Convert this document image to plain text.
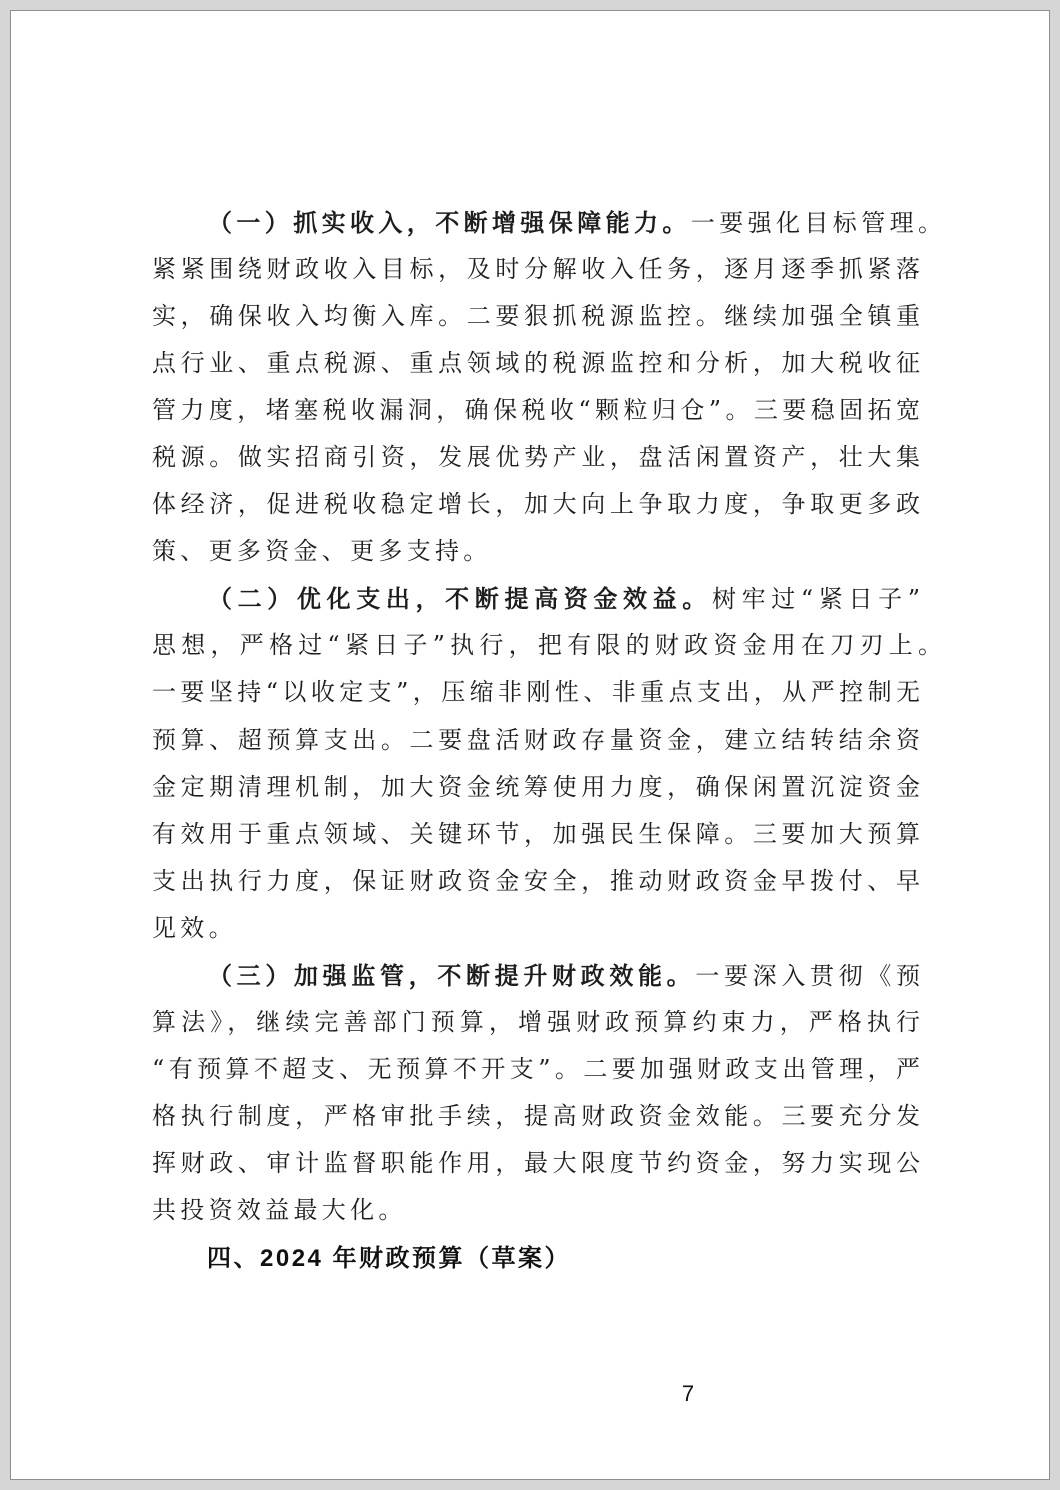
（一）抓实收入，不断增强保障能力。一要强化目标管理。
紧紧围绕财政收入目标，及时分解收入任务，逐月逐季抓紧落
实，确保收入均衡入库。二要狠抓税源监控。继续加强全镇重
点行业、重点税源、重点领域的税源监控和分析，加大税收征
管力度，堵塞税收漏洞，确保税收“颗粒归仓”。三要稳固拓宽
税源。做实招商引资，发展优势产业，盘活闲置资产，壮大集
体经济，促进税收稳定增长，加大向上争取力度，争取更多政
策、更多资金、更多支持。
（二）优化支出，不断提高资金效益。树牢过“紧日子”
思想，严格过“紧日子”执行，把有限的财政资金用在刀刃上。
一要坚持“以收定支”，压缩非刚性、非重点支出，从严控制无
预算、超预算支出。二要盘活财政存量资金，建立结转结余资
金定期清理机制，加大资金统筹使用力度，确保闲置沉淀资金
有效用于重点领域、关键环节，加强民生保障。三要加大预算
支出执行力度，保证财政资金安全，推动财政资金早拨付、早
见效。
（三）加强监管，不断提升财政效能。一要深入贯彻《预
算法》，继续完善部门预算，增强财政预算约束力，严格执行
“有预算不超支、无预算不开支”。二要加强财政支出管理，严
格执行制度，严格审批手续，提高财政资金效能。三要充分发
挥财政、审计监督职能作用，最大限度节约资金，努力实现公
共投资效益最大化。
四、2024 年财政预算（草案）
7
